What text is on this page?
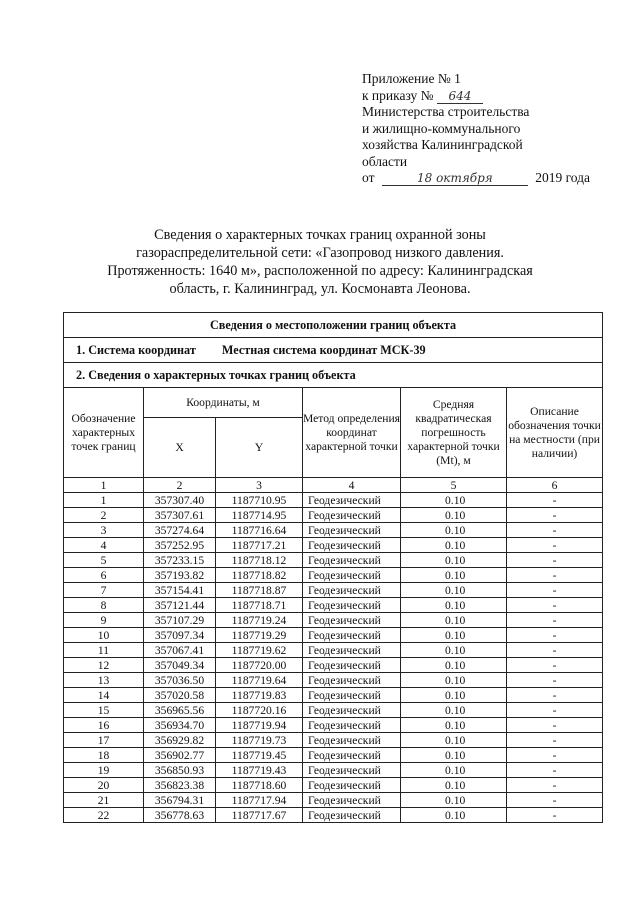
Приложение № 1
к приказу № 644
Министерства строительства
и жилищно-коммунального
хозяйства Калининградской
области
от	18 октября	2019 года
Сведения о характерных точках границ охранной зоны
газораспределительной сети: «Газопровод низкого давления.
Протяженность: 1640 м», расположенной по адресу: Калининградская
область, г. Калининград, ул. Космонавта Леонова.
Сведения о местоположении границ объекта					
1. Система координат Местная система координат МСК-39					
2. Сведения о характерных точках границ объекта					
Обозначение характерных точек границ	Координаты, м		Метод определения координат характерной точки	Средняя квадратическая погрешность характерной точки (Mt), м	Описание обозначения точки на местности (при наличии)
	X	Y			
1	2	3	4	5	6
1	357307.40	1187710.95	Геодезический	0.10	-
2	357307.61	1187714.95	Геодезический	0.10	-
3	357274.64	1187716.64	Геодезический	0.10	-
4	357252.95	1187717.21	Геодезический	0.10	-
5	357233.15	1187718.12	Геодезический	0.10	-
6	357193.82	1187718.82	Геодезический	0.10	-
7	357154.41	1187718.87	Геодезический	0.10	-
8	357121.44	1187718.71	Геодезический	0.10	-
9	357107.29	1187719.24	Геодезический	0.10	-
10	357097.34	1187719.29	Геодезический	0.10	-
11	357067.41	1187719.62	Геодезический	0.10	-
12	357049.34	1187720.00	Геодезический	0.10	-
13	357036.50	1187719.64	Геодезический	0.10	-
14	357020.58	1187719.83	Геодезический	0.10	-
15	356965.56	1187720.16	Геодезический	0.10	-
16	356934.70	1187719.94	Геодезический	0.10	-
17	356929.82	1187719.73	Геодезический	0.10	-
18	356902.77	1187719.45	Геодезический	0.10	-
19	356850.93	1187719.43	Геодезический	0.10	-
20	356823.38	1187718.60	Геодезический	0.10	-
21	356794.31	1187717.94	Геодезический	0.10	-
22	356778.63	1187717.67	Геодезический	0.10	-
